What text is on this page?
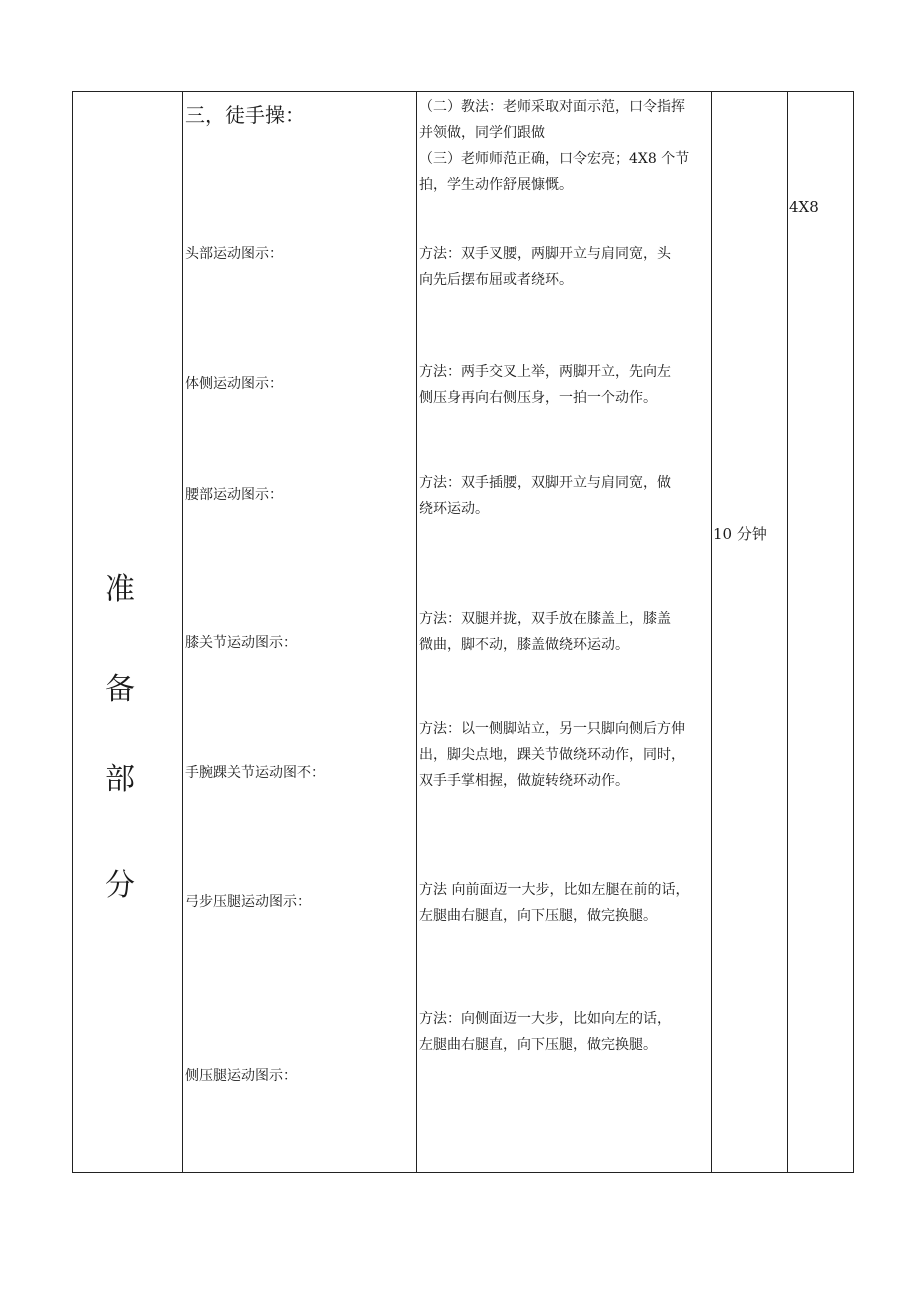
准
备
部
分
三，徒手操：
头部运动图示：
体侧运动图示：
腰部运动图示：
膝关节运动图示：
手腕踝关节运动图不：
弓步压腿运动图示：
侧压腿运动图示：
（二）教法：老师采取对面示范，口令指挥
并领做，同学们跟做
（三）老师师范正确，口令宏亮；4X8 个节
拍，学生动作舒展慷慨。
方法：双手叉腰，两脚开立与肩同宽，头
向先后摆布屈或者绕环。
方法：两手交叉上举，两脚开立，先向左
侧压身再向右侧压身，一拍一个动作。
方法：双手插腰，双脚开立与肩同宽，做
绕环运动。
方法：双腿并拢，双手放在膝盖上，膝盖
微曲，脚不动，膝盖做绕环运动。
方法：以一侧脚站立，另一只脚向侧后方伸
出，脚尖点地，踝关节做绕环动作，同时，
双手手掌相握，做旋转绕环动作。
方法 向前面迈一大步，比如左腿在前的话，
左腿曲右腿直，向下压腿，做完换腿。
方法：向侧面迈一大步，比如向左的话，
左腿曲右腿直，向下压腿，做完换腿。
10 分钟
4X8
